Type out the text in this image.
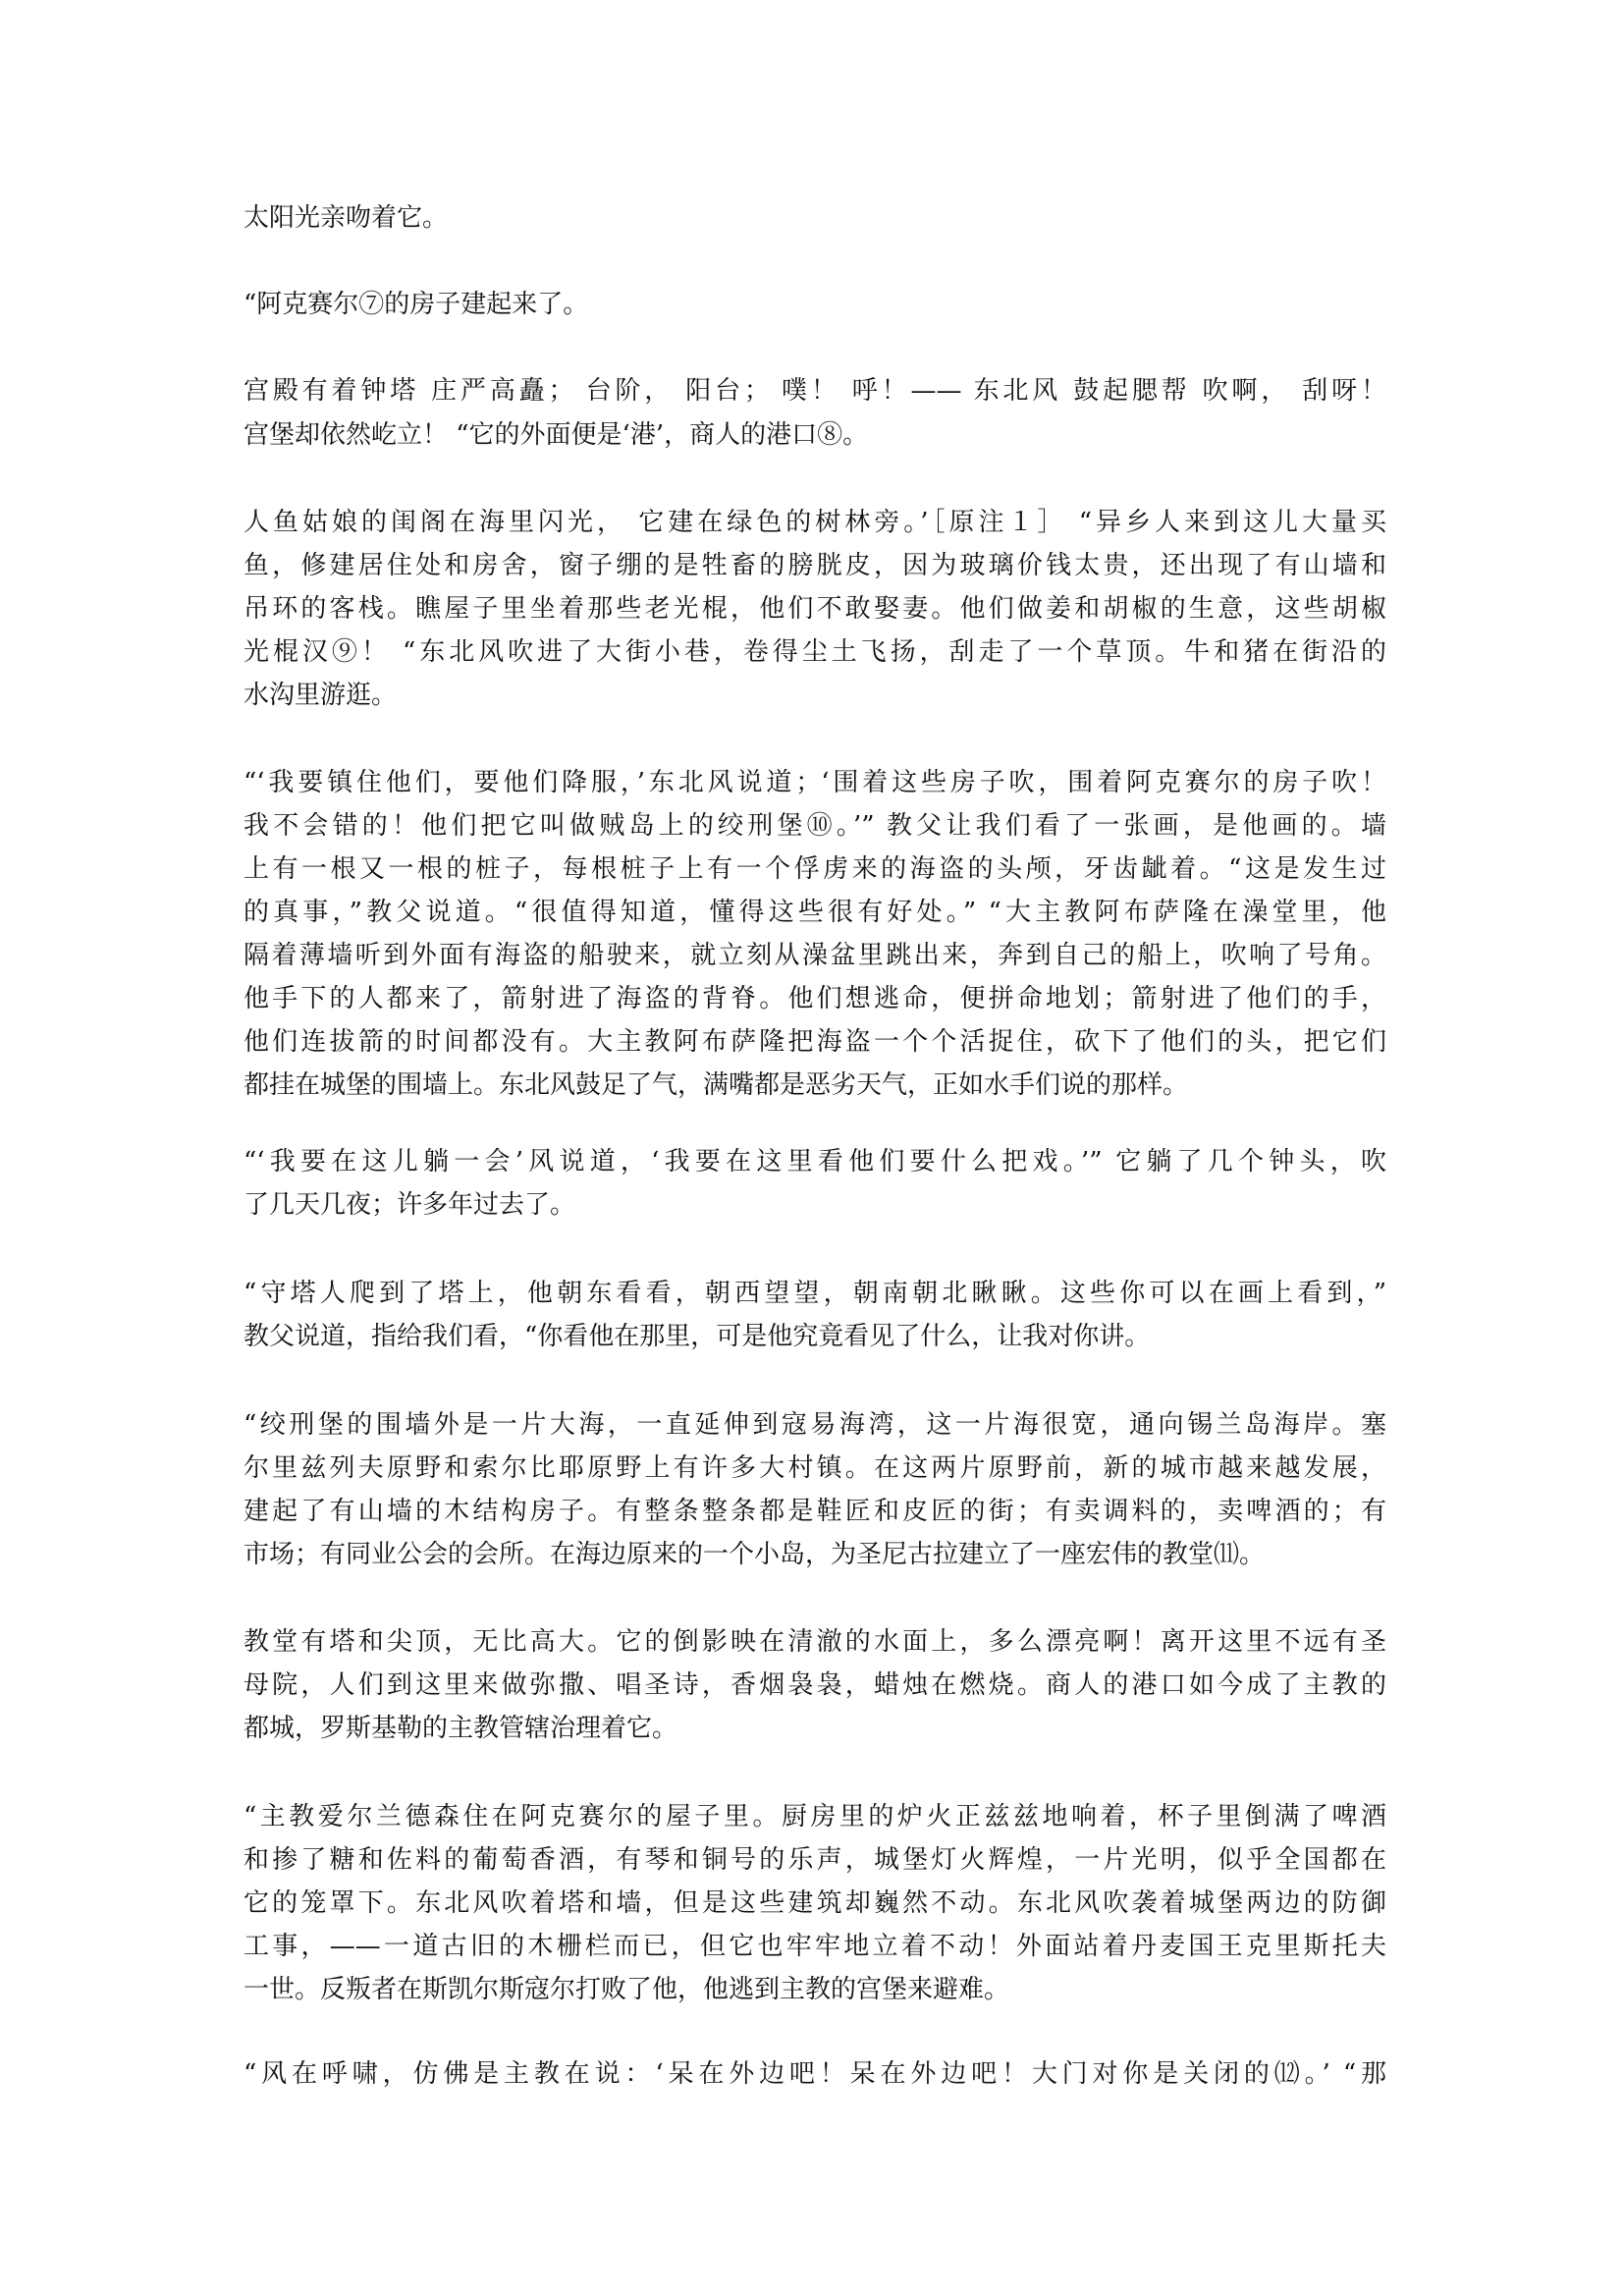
太阳光亲吻着它。
“阿克赛尔⑦的房子建起来了。
宫殿有着钟塔 庄严高矗； 台阶， 阳台； 噗！ 呼！—— 东北风 鼓起腮帮 吹啊， 刮呀！
宫堡却依然屹立！ “它的外面便是‘港’，商人的港口⑧。
人鱼姑娘的闺阁在海里闪光， 它建在绿色的树林旁。’［原注１］ “异乡人来到这儿大量买
鱼，修建居住处和房舍，窗子绷的是牲畜的膀胱皮，因为玻璃价钱太贵，还出现了有山墙和
吊环的客栈。瞧屋子里坐着那些老光棍，他们不敢娶妻。他们做姜和胡椒的生意，这些胡椒
光棍汉⑨！ “东北风吹进了大街小巷，卷得尘土飞扬，刮走了一个草顶。牛和猪在街沿的
水沟里游逛。
“‘我要镇住他们，要他们降服，’东北风说道；‘围着这些房子吹，围着阿克赛尔的房子吹！
我不会错的！他们把它叫做贼岛上的绞刑堡⑩。’” 教父让我们看了一张画，是他画的。墙
上有一根又一根的桩子，每根桩子上有一个俘虏来的海盗的头颅，牙齿龇着。“这是发生过
的真事，”教父说道。“很值得知道，懂得这些很有好处。” “大主教阿布萨隆在澡堂里，他
隔着薄墙听到外面有海盗的船驶来，就立刻从澡盆里跳出来，奔到自己的船上，吹响了号角。
他手下的人都来了，箭射进了海盗的背脊。他们想逃命，便拼命地划；箭射进了他们的手，
他们连拔箭的时间都没有。大主教阿布萨隆把海盗一个个活捉住，砍下了他们的头，把它们
都挂在城堡的围墙上。东北风鼓足了气，满嘴都是恶劣天气，正如水手们说的那样。
“‘我要在这儿躺一会’风说道，‘我要在这里看他们要什么把戏。’” 它躺了几个钟头，吹
了几天几夜；许多年过去了。
“守塔人爬到了塔上，他朝东看看，朝西望望，朝南朝北瞅瞅。这些你可以在画上看到，”
教父说道，指给我们看，“你看他在那里，可是他究竟看见了什么，让我对你讲。
“绞刑堡的围墙外是一片大海，一直延伸到寇易海湾，这一片海很宽，通向锡兰岛海岸。塞
尔里兹列夫原野和索尔比耶原野上有许多大村镇。在这两片原野前，新的城市越来越发展，
建起了有山墙的木结构房子。有整条整条都是鞋匠和皮匠的街；有卖调料的，卖啤酒的；有
市场；有同业公会的会所。在海边原来的一个小岛，为圣尼古拉建立了一座宏伟的教堂⑾。
教堂有塔和尖顶，无比高大。它的倒影映在清澈的水面上，多么漂亮啊！离开这里不远有圣
母院，人们到这里来做弥撒、唱圣诗，香烟袅袅，蜡烛在燃烧。商人的港口如今成了主教的
都城，罗斯基勒的主教管辖治理着它。
“主教爱尔兰德森住在阿克赛尔的屋子里。厨房里的炉火正兹兹地响着，杯子里倒满了啤酒
和掺了糖和佐料的葡萄香酒，有琴和铜号的乐声，城堡灯火辉煌，一片光明，似乎全国都在
它的笼罩下。东北风吹着塔和墙，但是这些建筑却巍然不动。东北风吹袭着城堡两边的防御
工事，——一道古旧的木栅栏而已，但它也牢牢地立着不动！外面站着丹麦国王克里斯托夫
一世。反叛者在斯凯尔斯寇尔打败了他，他逃到主教的宫堡来避难。
“风在呼啸，仿佛是主教在说：‘呆在外边吧！呆在外边吧！大门对你是关闭的⑿。’ “那
